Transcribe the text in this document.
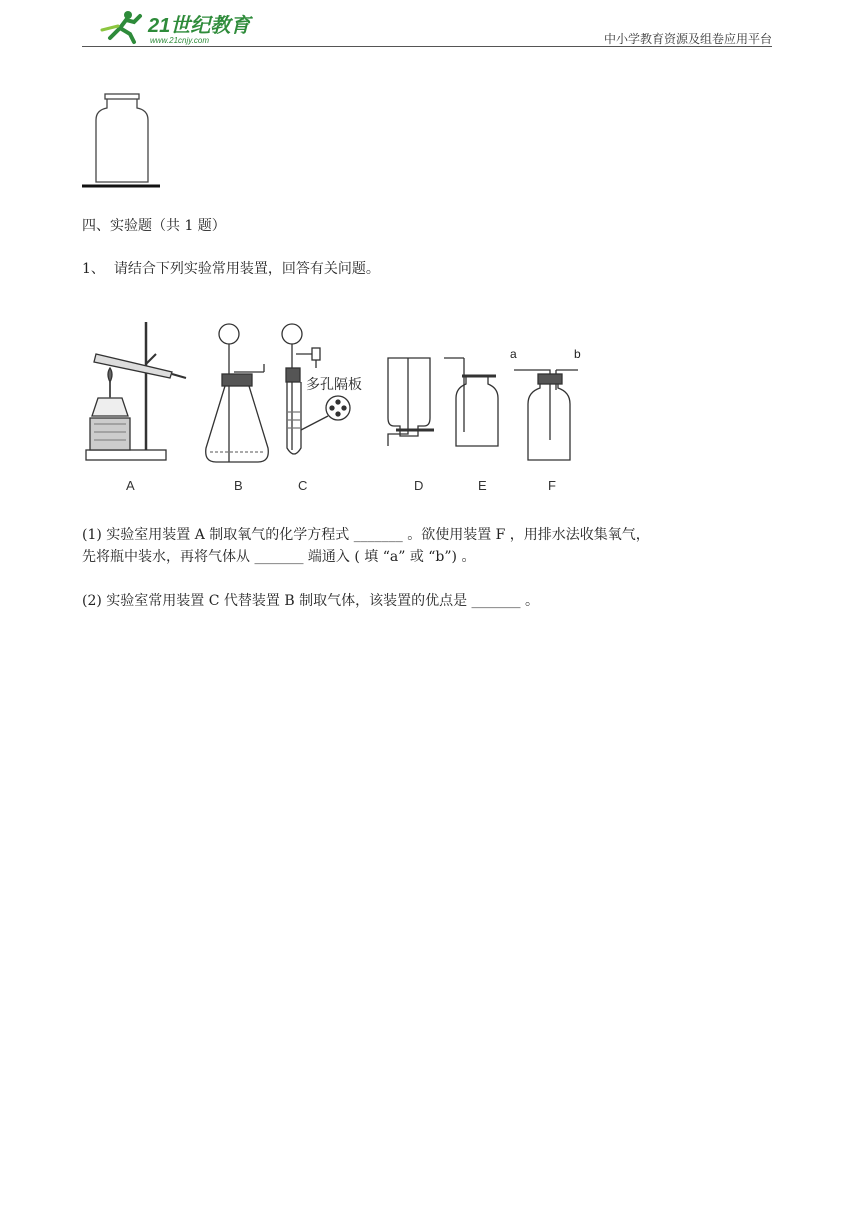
21世纪教育
www.21cnjy.com	中小学教育资源及组卷应用平台
四、实验题（共 1 题）
1、 请结合下列实验常用装置，回答有关问题。
多孔隔板
a	b
A	B	C	D	E	F
(1) 实验室用装置 A 制取氧气的化学方程式 _______ 。欲使用装置 F ，用排水法收集氧气，
先将瓶中装水，再将气体从 _______ 端通入 ( 填 “a” 或 “b”) 。
(2) 实验室常用装置 C 代替装置 B 制取气体，该装置的优点是 _______ 。
